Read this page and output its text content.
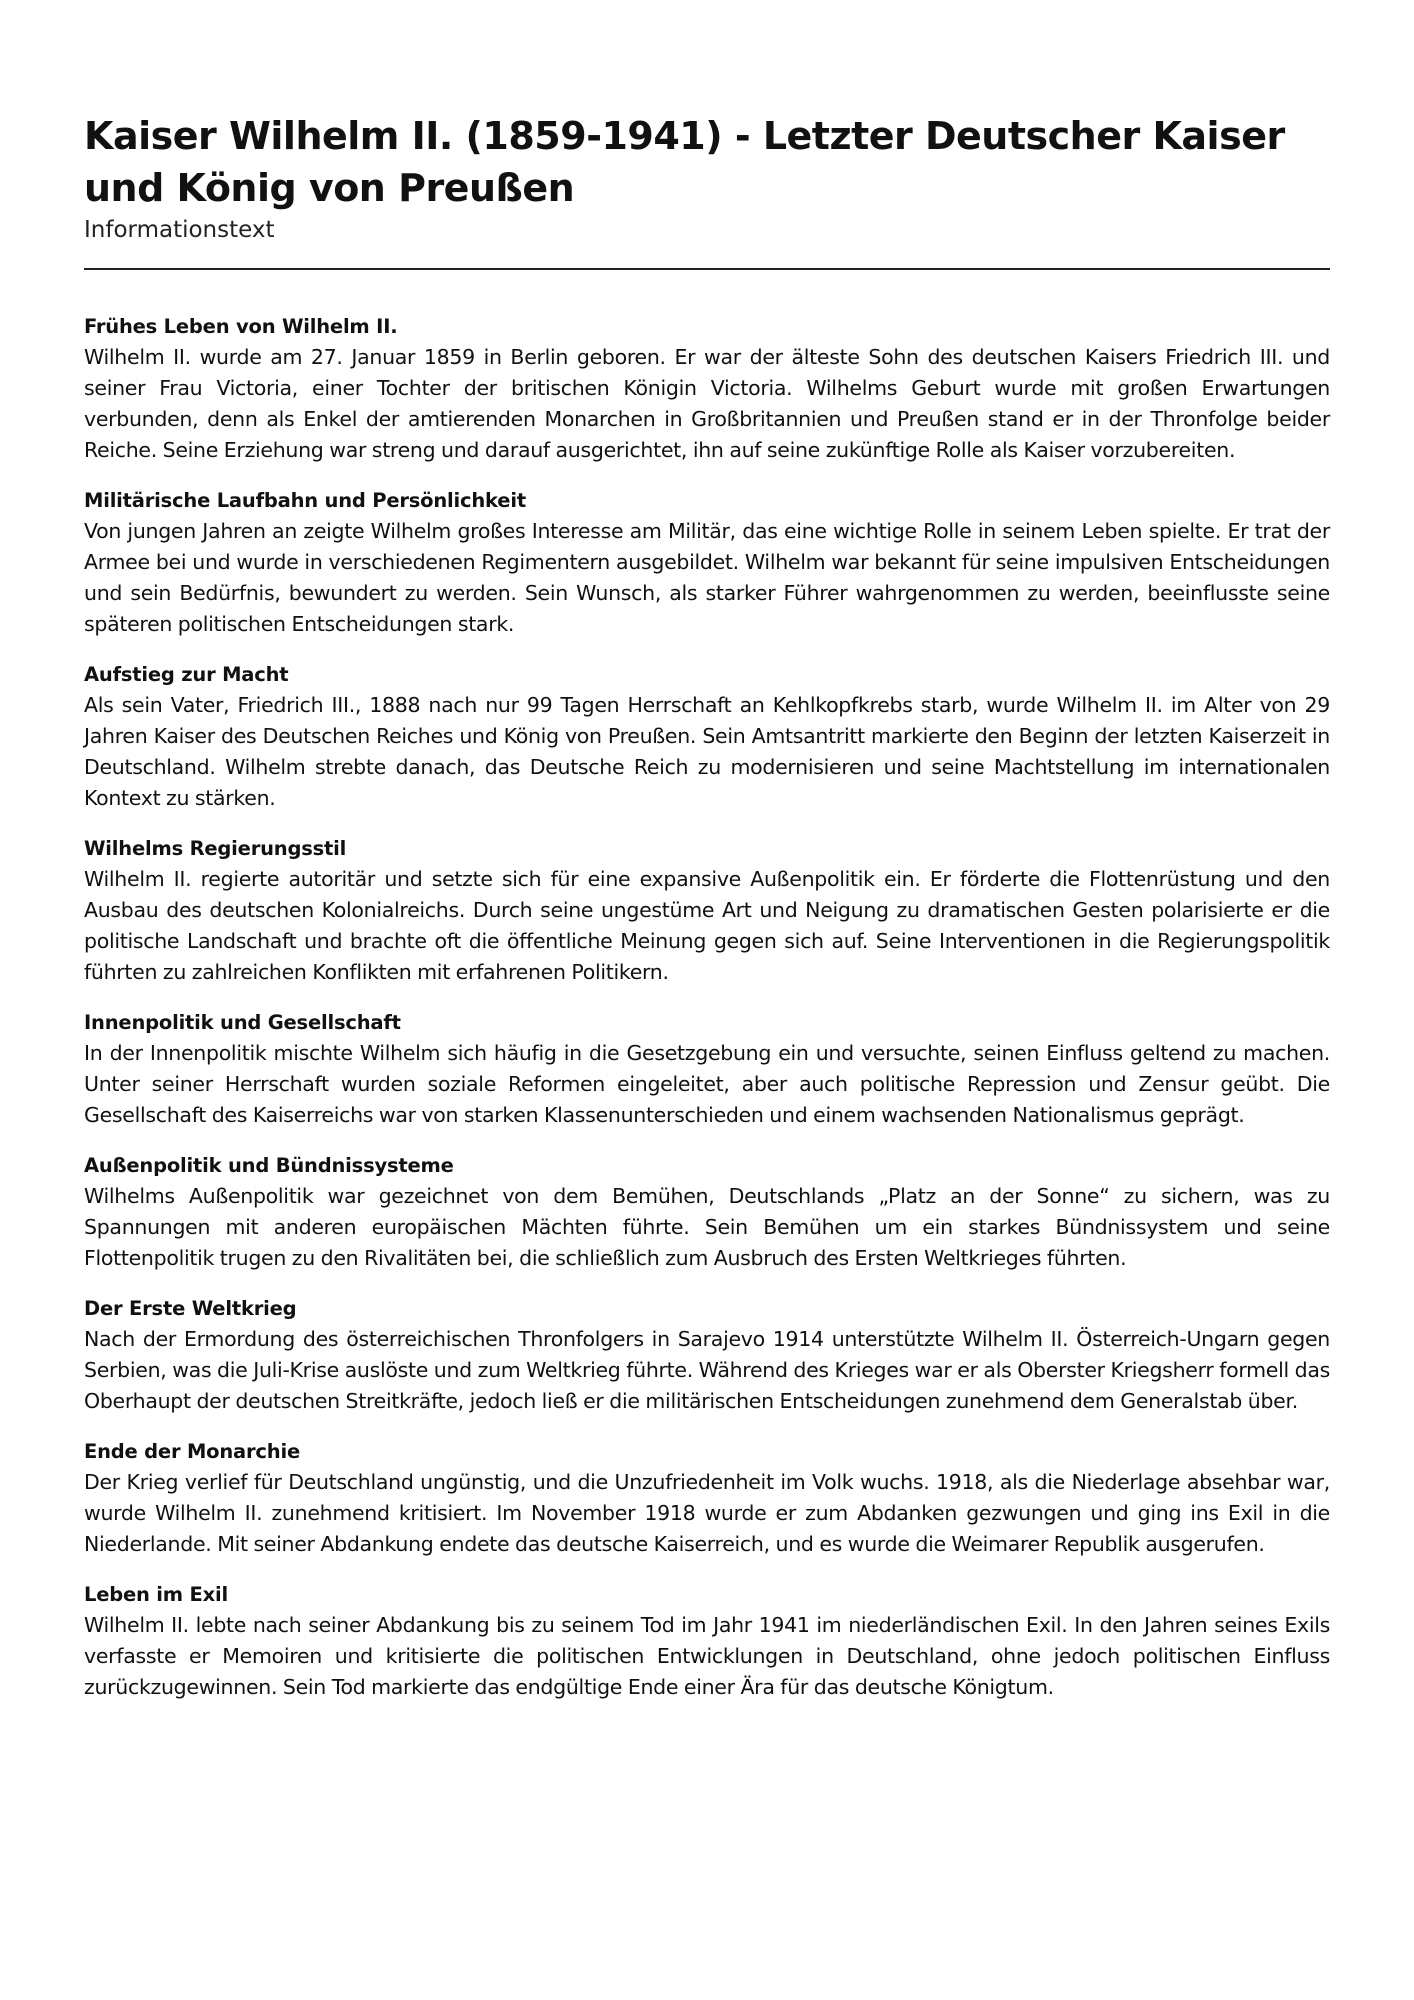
Kaiser Wilhelm II. (1859-1941) - Letzter Deutscher Kaiser und König von Preußen
Informationstext
Frühes Leben von Wilhelm II.

Wilhelm II. wurde am 27. Januar 1859 in Berlin geboren. Er war der älteste Sohn des deutschen Kaisers Friedrich III. und seiner Frau Victoria, einer Tochter der britischen Königin Victoria. Wilhelms Geburt wurde mit großen Erwartungen verbunden, denn als Enkel der amtierenden Monarchen in Großbritannien und Preußen stand er in der Thronfolge beider Reiche. Seine Erziehung war streng und darauf ausgerichtet, ihn auf seine zukünftige Rolle als Kaiser vorzubereiten.

Militärische Laufbahn und Persönlichkeit

Von jungen Jahren an zeigte Wilhelm großes Interesse am Militär, das eine wichtige Rolle in seinem Leben spielte. Er trat der Armee bei und wurde in verschiedenen Regimentern ausgebildet. Wilhelm war bekannt für seine impulsiven Entscheidungen und sein Bedürfnis, bewundert zu werden. Sein Wunsch, als starker Führer wahrgenommen zu werden, beeinflusste seine späteren politischen Entscheidungen stark.

Aufstieg zur Macht

Als sein Vater, Friedrich III., 1888 nach nur 99 Tagen Herrschaft an Kehlkopfkrebs starb, wurde Wilhelm II. im Alter von 29 Jahren Kaiser des Deutschen Reiches und König von Preußen. Sein Amtsantritt markierte den Beginn der letzten Kaiserzeit in Deutschland. Wilhelm strebte danach, das Deutsche Reich zu modernisieren und seine Machtstellung im internationalen Kontext zu stärken.

Wilhelms Regierungsstil

Wilhelm II. regierte autoritär und setzte sich für eine expansive Außenpolitik ein. Er förderte die Flottenrüstung und den Ausbau des deutschen Kolonialreichs. Durch seine ungestüme Art und Neigung zu dramatischen Gesten polarisierte er die politische Landschaft und brachte oft die öffentliche Meinung gegen sich auf. Seine Interventionen in die Regierungspolitik führten zu zahlreichen Konflikten mit erfahrenen Politikern.

Innenpolitik und Gesellschaft

In der Innenpolitik mischte Wilhelm sich häufig in die Gesetzgebung ein und versuchte, seinen Einfluss geltend zu machen. Unter seiner Herrschaft wurden soziale Reformen eingeleitet, aber auch politische Repression und Zensur geübt. Die Gesellschaft des Kaiserreichs war von starken Klassenunterschieden und einem wachsenden Nationalismus geprägt.

Außenpolitik und Bündnissysteme

Wilhelms Außenpolitik war gezeichnet von dem Bemühen, Deutschlands „Platz an der Sonne“ zu sichern, was zu Spannungen mit anderen europäischen Mächten führte. Sein Bemühen um ein starkes Bündnissystem und seine Flottenpolitik trugen zu den Rivalitäten bei, die schließlich zum Ausbruch des Ersten Weltkrieges führten.

Der Erste Weltkrieg

Nach der Ermordung des österreichischen Thronfolgers in Sarajevo 1914 unterstützte Wilhelm II. Österreich-Ungarn gegen Serbien, was die Juli-Krise auslöste und zum Weltkrieg führte. Während des Krieges war er als Oberster Kriegsherr formell das Oberhaupt der deutschen Streitkräfte, jedoch ließ er die militärischen Entscheidungen zunehmend dem Generalstab über.

Ende der Monarchie

Der Krieg verlief für Deutschland ungünstig, und die Unzufriedenheit im Volk wuchs. 1918, als die Niederlage absehbar war, wurde Wilhelm II. zunehmend kritisiert. Im November 1918 wurde er zum Abdanken gezwungen und ging ins Exil in die Niederlande. Mit seiner Abdankung endete das deutsche Kaiserreich, und es wurde die Weimarer Republik ausgerufen.

Leben im Exil

Wilhelm II. lebte nach seiner Abdankung bis zu seinem Tod im Jahr 1941 im niederländischen Exil. In den Jahren seines Exils verfasste er Memoiren und kritisierte die politischen Entwicklungen in Deutschland, ohne jedoch politischen Einfluss zurückzugewinnen. Sein Tod markierte das endgültige Ende einer Ära für das deutsche Königtum.
